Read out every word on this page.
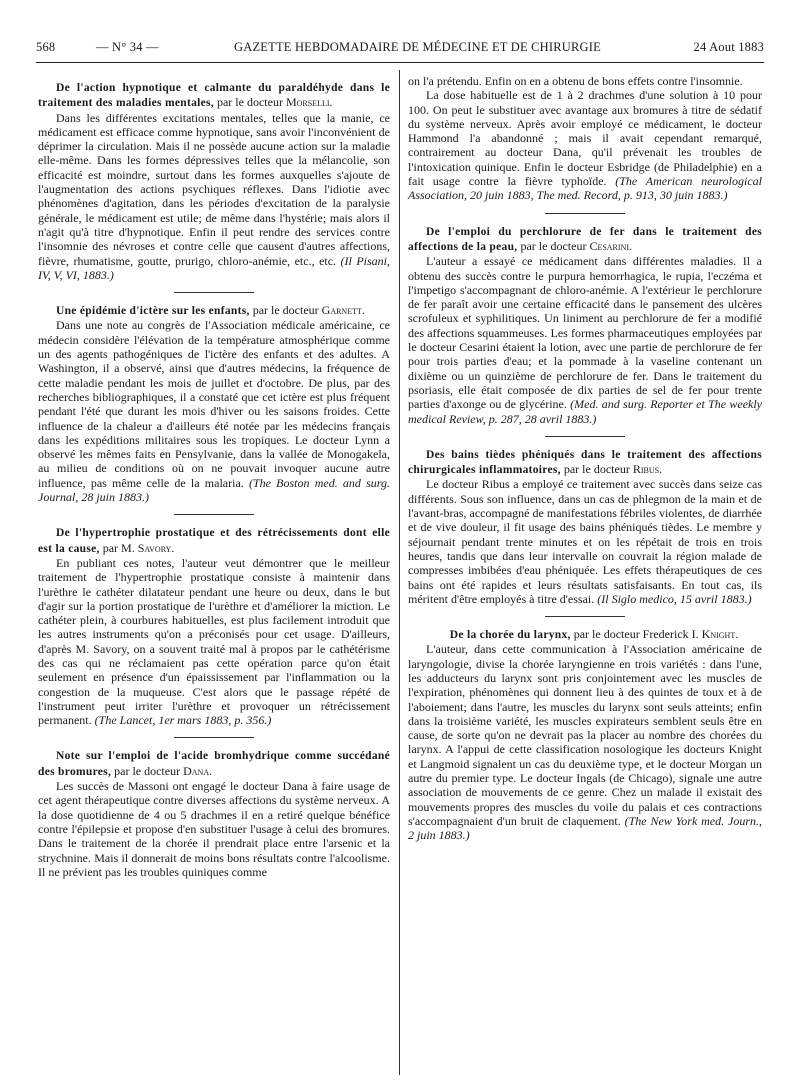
568	— N° 34 —	GAZETTE HEBDOMADAIRE DE MÉDECINE ET DE CHIRURGIE	24 Aout 1883

De l'action hypnotique et calmante du paraldéhyde dans le traitement des maladies mentales, par le docteur Morselli.

Dans les différentes excitations mentales, telles que la manie, ce médicament est efficace comme hypnotique, sans avoir l'inconvénient de déprimer la circulation. Mais il ne possède aucune action sur la maladie elle-même. Dans les formes dépressives telles que la mélancolie, son efficacité est moindre, surtout dans les formes auxquelles s'ajoute de l'augmentation des actions psychiques réflexes. Dans l'idiotie avec phénomènes d'agitation, dans les périodes d'excitation de la paralysie générale, le médicament est utile; de même dans l'hystérie; mais alors il n'agit qu'à titre d'hypnotique. Enfin il peut rendre des services contre l'insomnie des névroses et contre celle que causent d'autres affections, fièvre, rhumatisme, goutte, prurigo, chloro-anémie, etc., etc. (Il Pisani, IV, V, VI, 1883.)

Une épidémie d'ictère sur les enfants, par le docteur Garnett.

Dans une note au congrès de l'Association médicale américaine, ce médecin considère l'élévation de la température atmosphérique comme un des agents pathogéniques de l'ictère des enfants et des adultes. A Washington, il a observé, ainsi que d'autres médecins, la fréquence de cette maladie pendant les mois de juillet et d'octobre. De plus, par des recherches bibliographiques, il a constaté que cet ictère est plus fréquent pendant l'été que durant les mois d'hiver ou les saisons froides. Cette influence de la chaleur a d'ailleurs été notée par les médecins français dans les expéditions militaires sous les tropiques. Le docteur Lynn a observé les mêmes faits en Pensylvanie, dans la vallée de Monogakela, au milieu de conditions où on ne pouvait invoquer aucune autre influence, pas même celle de la malaria. (The Boston med. and surg. Journal, 28 juin 1883.)

De l'hypertrophie prostatique et des rétrécissements dont elle est la cause, par M. Savory.

En publiant ces notes, l'auteur veut démontrer que le meilleur traitement de l'hypertrophie prostatique consiste à maintenir dans l'urèthre le cathéter dilatateur pendant une heure ou deux, dans le but d'agir sur la portion prostatique de l'urèthre et d'améliorer la miction. Le cathéter plein, à courbures habituelles, est plus facilement introduit que les autres instruments qu'on a préconisés pour cet usage. D'ailleurs, d'après M. Savory, on a souvent traité mal à propos par le cathétérisme des cas qui ne réclamaient pas cette opération parce qu'on était seulement en présence d'un épaississement par l'inflammation ou la congestion de la muqueuse. C'est alors que le passage répété de l'instrument peut irriter l'urèthre et provoquer un rétrécissement permanent. (The Lancet, 1er mars 1883, p. 356.)

Note sur l'emploi de l'acide bromhydrique comme succédané des bromures, par le docteur Dana.

Les succès de Massoni ont engagé le docteur Dana à faire usage de cet agent thérapeutique contre diverses affections du système nerveux. A la dose quotidienne de 4 ou 5 drachmes il en a retiré quelque bénéfice contre l'épilepsie et propose d'en substituer l'usage à celui des bromures. Dans le traitement de la chorée il prendrait place entre l'arsenic et la strychnine. Mais il donnerait de moins bons résultats contre l'alcoolisme. Il ne prévient pas les troubles quiniques comme

on l'a prétendu. Enfin on en a obtenu de bons effets contre l'insomnie.

La dose habituelle est de 1 à 2 drachmes d'une solution à 10 pour 100. On peut le substituer avec avantage aux bromures à titre de sédatif du système nerveux. Après avoir employé ce médicament, le docteur Hammond l'a abandonné ; mais il avait cependant remarqué, contrairement au docteur Dana, qu'il prévenait les troubles de l'intoxication quinique. Enfin le docteur Esbridge (de Philadelphie) en a fait usage contre la fièvre typhoïde. (The American neurological Association, 20 juin 1883, The med. Record, p. 913, 30 juin 1883.)

De l'emploi du perchlorure de fer dans le traitement des affections de la peau, par le docteur Cesarini.

L'auteur a essayé ce médicament dans différentes maladies. Il a obtenu des succès contre le purpura hemorrhagica, le rupia, l'eczéma et l'impetigo s'accompagnant de chloro-anémie. A l'extérieur le perchlorure de fer paraît avoir une certaine efficacité dans le pansement des ulcères scrofuleux et syphilitiques. Un liniment au perchlorure de fer a modifié des affections squammeuses. Les formes pharmaceutiques employées par le docteur Cesarini étaient la lotion, avec une partie de perchlorure de fer pour trois parties d'eau; et la pommade à la vaseline contenant un dixième ou un quinzième de perchlorure de fer. Dans le traitement du psoriasis, elle était composée de dix parties de sel de fer pour trente parties d'axonge ou de glycérine. (Med. and surg. Reporter et The weekly medical Review, p. 287, 28 avril 1883.)

Des bains tièdes phéniqués dans le traitement des affections chirurgicales inflammatoires, par le docteur Ribus.

Le docteur Ribus a employé ce traitement avec succès dans seize cas différents. Sous son influence, dans un cas de phlegmon de la main et de l'avant-bras, accompagné de manifestations fébriles violentes, de diarrhée et de vive douleur, il fit usage des bains phéniqués tièdes. Le membre y séjournait pendant trente minutes et on les répétait de trois en trois heures, tandis que dans leur intervalle on couvrait la région malade de compresses imbibées d'eau phéniquée. Les effets thérapeutiques de ces bains ont été rapides et leurs résultats satisfaisants. En tout cas, ils méritent d'être employés à titre d'essai. (Il Siglo medico, 15 avril 1883.)

De la chorée du larynx, par le docteur Frederick I. Knight.

L'auteur, dans cette communication à l'Association américaine de laryngologie, divise la chorée laryngienne en trois variétés : dans l'une, les adducteurs du larynx sont pris conjointement avec les muscles de l'expiration, phénomènes qui donnent lieu à des quintes de toux et à de l'aboiement; dans l'autre, les muscles du larynx sont seuls atteints; enfin dans la troisième variété, les muscles expirateurs semblent seuls être en cause, de sorte qu'on ne devrait pas la placer au nombre des chorées du larynx. A l'appui de cette classification nosologique les docteurs Knight et Langmoid signalent un cas du deuxième type, et le docteur Morgan un autre du premier type. Le docteur Ingals (de Chicago), signale une autre association de mouvements de ce genre. Chez un malade il existait des mouvements propres des muscles du voile du palais et ces contractions s'accompagnaient d'un bruit de claquement. (The New York med. Journ., 2 juin 1883.)
